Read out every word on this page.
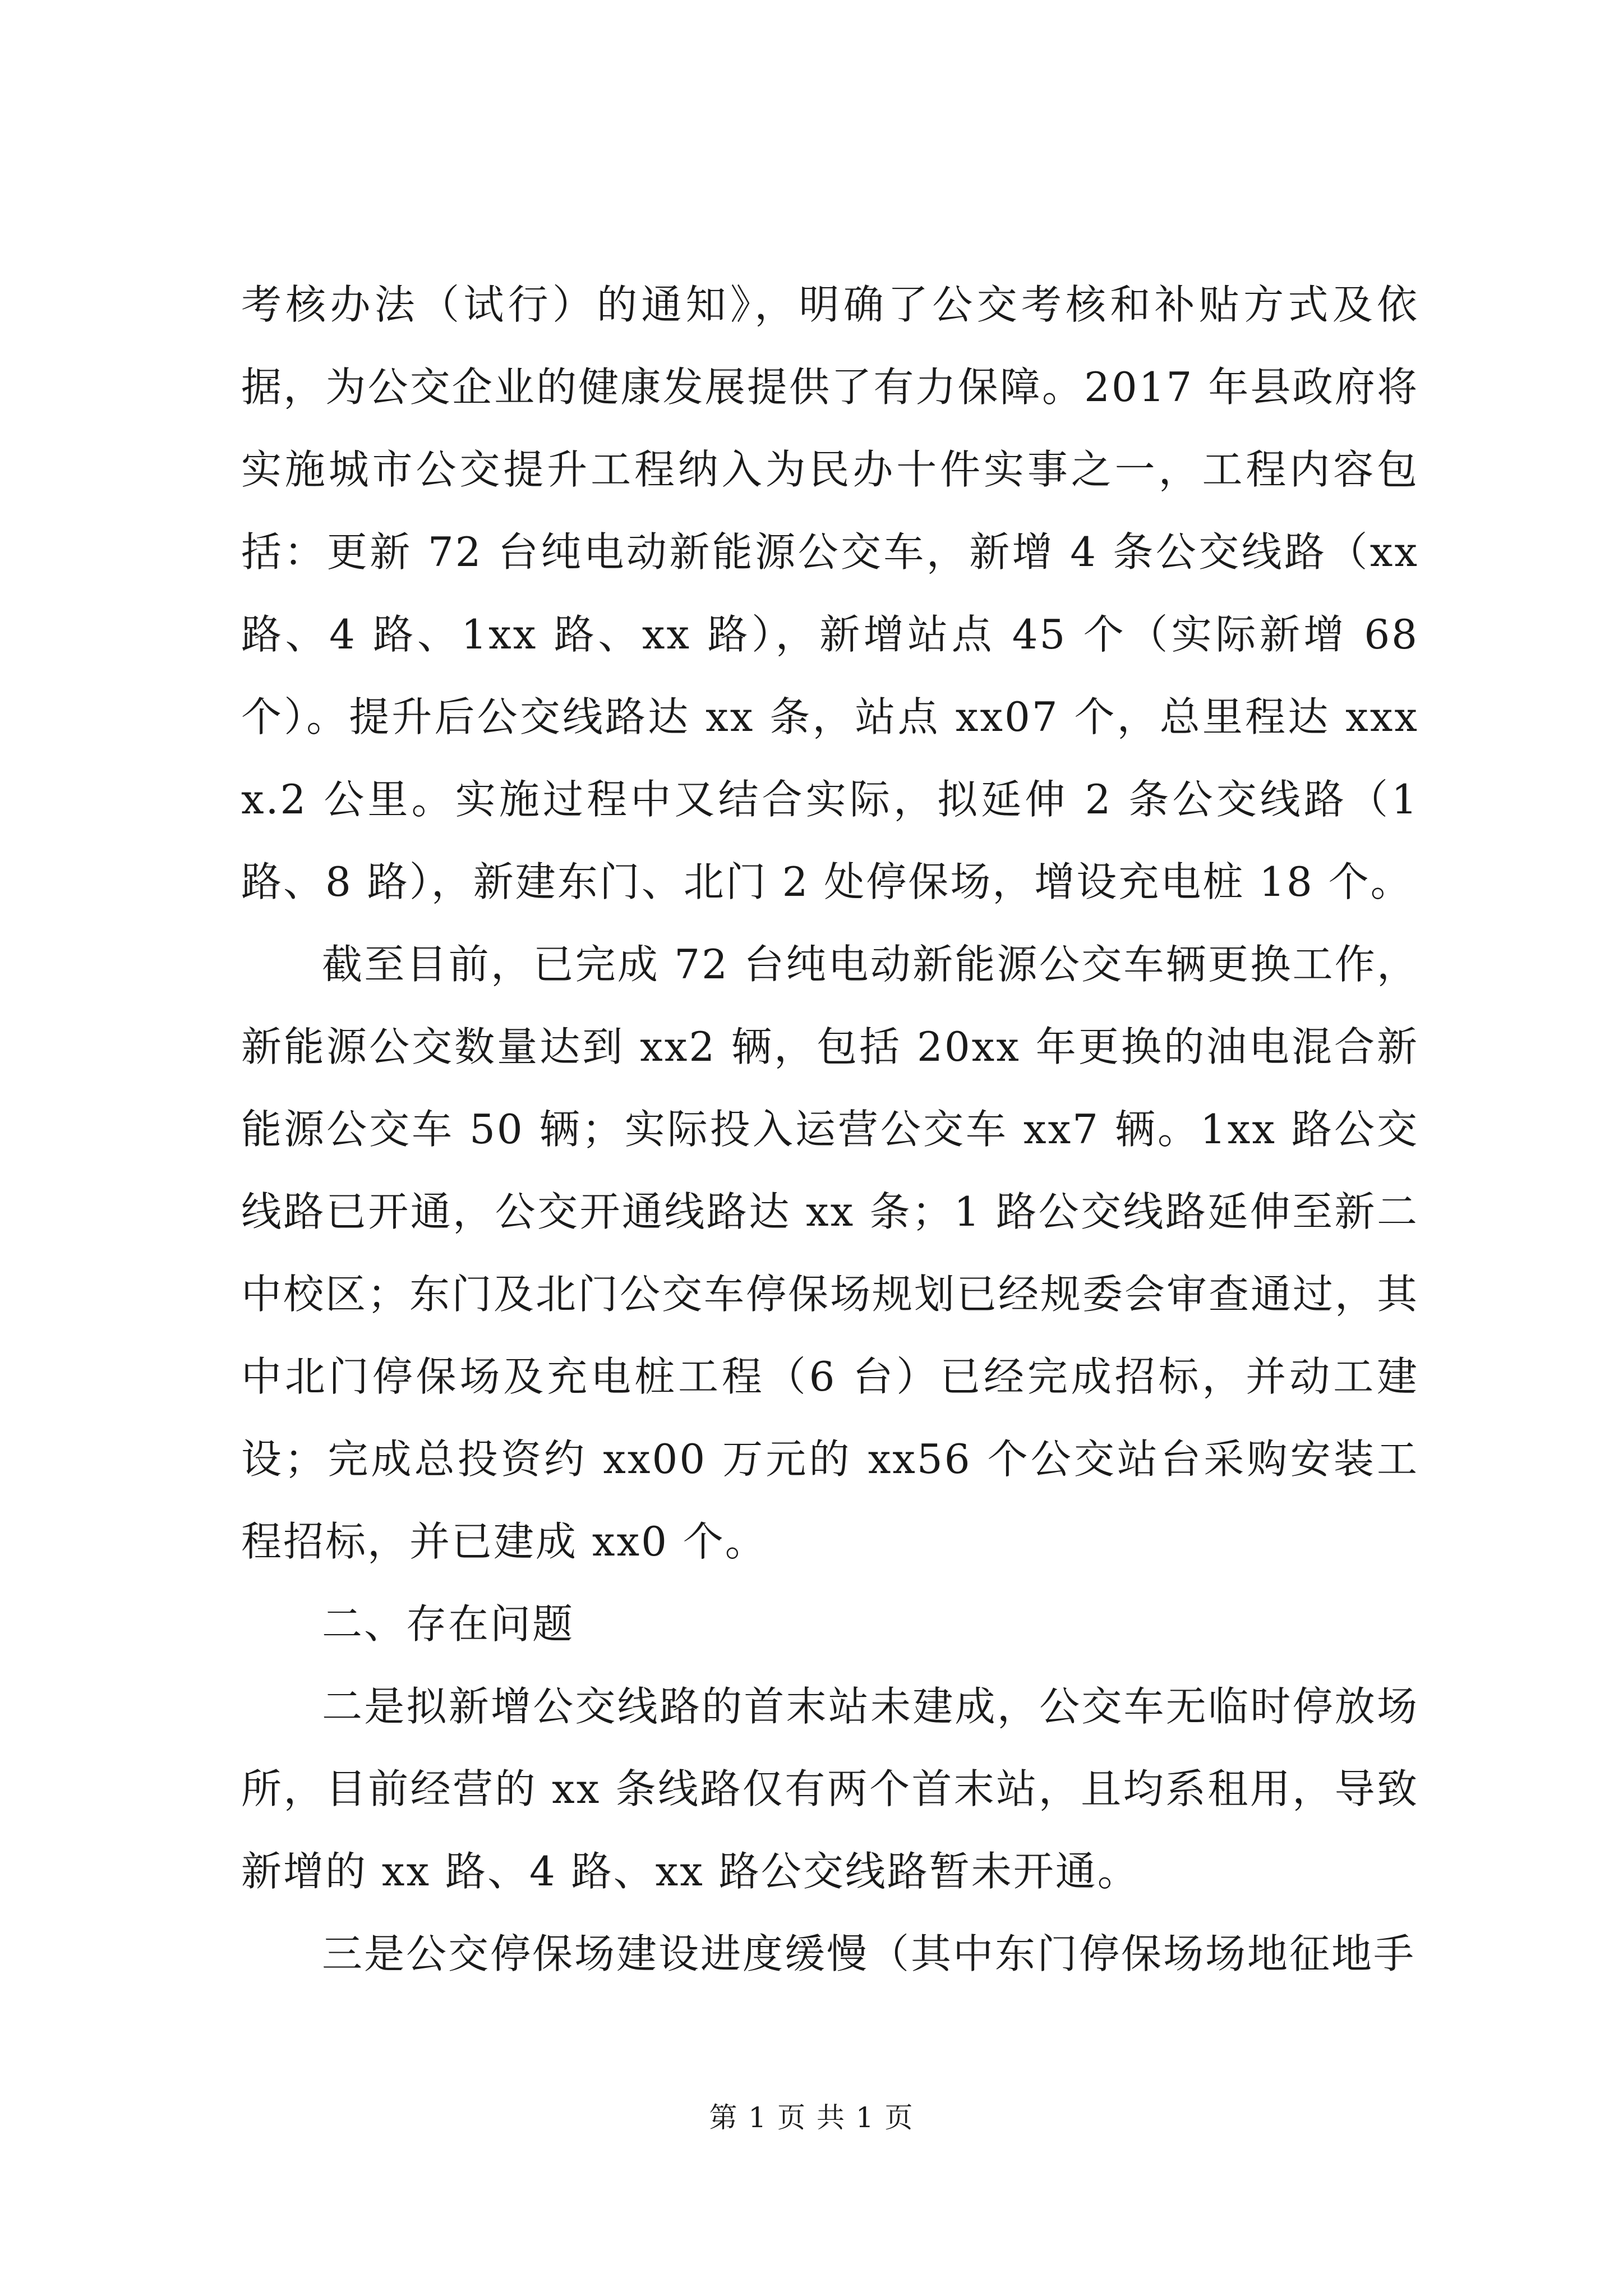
考核办法（试行）的通知》，明确了公交考核和补贴方式及依据，为公交企业的健康发展提供了有力保障。2017 年县政府将实施城市公交提升工程纳入为民办十件实事之一，工程内容包括：更新 72 台纯电动新能源公交车，新增 4 条公交线路（xx 路、4 路、1xx 路、xx 路），新增站点 45 个（实际新增 68 个）。提升后公交线路达 xx 条，站点 xx07 个，总里程达 xxxx.2 公里。实施过程中又结合实际，拟延伸 2 条公交线路（1 路、8 路），新建东门、北门 2 处停保场，增设充电桩 18 个。

截至目前，已完成 72 台纯电动新能源公交车辆更换工作，新能源公交数量达到 xx2 辆，包括 20xx 年更换的油电混合新能源公交车 50 辆；实际投入运营公交车 xx7 辆。1xx 路公交线路已开通，公交开通线路达 xx 条；1 路公交线路延伸至新二中校区；东门及北门公交车停保场规划已经规委会审查通过，其中北门停保场及充电桩工程（6 台）已经完成招标，并动工建设；完成总投资约 xx00 万元的 xx56 个公交站台采购安装工程招标，并已建成 xx0 个。

二、存在问题

二是拟新增公交线路的首末站未建成，公交车无临时停放场所，目前经营的 xx 条线路仅有两个首末站，且均系租用，导致新增的 xx 路、4 路、xx 路公交线路暂未开通。

三是公交停保场建设进度缓慢（其中东门停保场场地征地手

第 1 页 共 1 页
